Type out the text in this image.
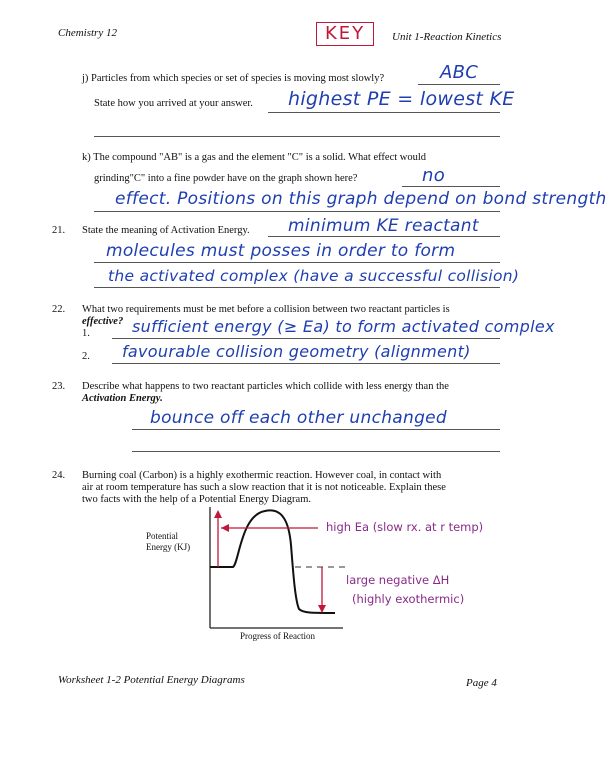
Chemistry 12	KEY	Unit 1-Reaction Kinetics
j) Particles from which species or set of species is moving most slowly?	ABC
State how you arrived at your answer. highest PE = lowest KE
k) The compound "AB" is a gas and the element "C" is a solid. What effect would
grinding"C" into a fine powder have on the graph shown here?	no
effect. Positions on this graph depend on bond strength
21. State the meaning of Activation Energy. minimum KE reactant
molecules must posses in order to form
the activated complex (have a successful collision)
22. What two requirements must be met before a collision between two reactant particles is
effective?
1.	sufficient energy (≥ Ea) to form activated complex
2. favourable collision geometry (alignment)
23. Describe what happens to two reactant particles which collide with less energy than the
Activation Energy.
bounce off each other unchanged
24. Burning coal (Carbon) is a highly exothermic reaction. However coal, in contact with
air at room temperature has such a slow reaction that it is not noticeable. Explain these
two facts with the help of a Potential Energy Diagram.
Potential
Energy (KJ)
Progress of Reaction
high Ea (slow rx. at r temp)
large negative ΔH
(highly exothermic)
Worksheet 1-2 Potential Energy Diagrams	Page 4
